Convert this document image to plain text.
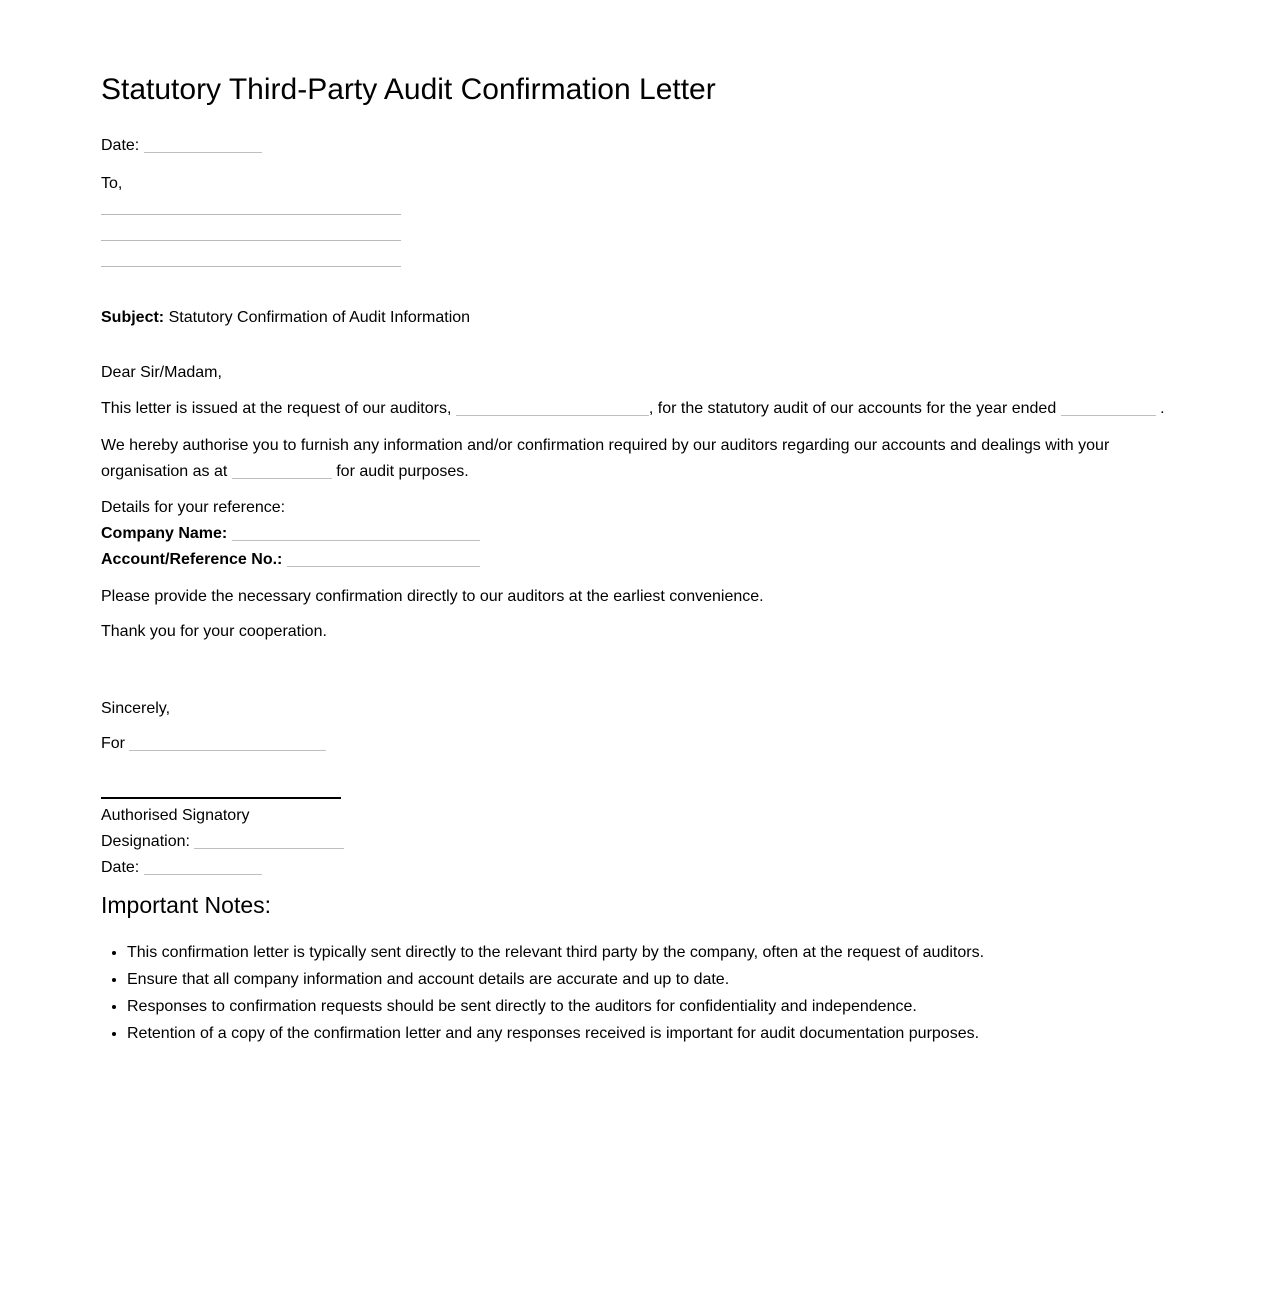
Statutory Third-Party Audit Confirmation Letter

Date:

To,

Subject: Statutory Confirmation of Audit Information

Dear Sir/Madam,

This letter is issued at the request of our auditors,	, for the statutory audit of our accounts for the year ended	.

We hereby authorise you to furnish any information and/or confirmation required by our auditors regarding our accounts and dealings with your organisation as at	for audit purposes.

Details for your reference:
Company Name:
Account/Reference No.:

Please provide the necessary confirmation directly to our auditors at the earliest convenience.

Thank you for your cooperation.

Sincerely,

For

Authorised Signatory
Designation:
Date:
Important Notes:
• This confirmation letter is typically sent directly to the relevant third party by the company, often at the request of auditors.
• Ensure that all company information and account details are accurate and up to date.
• Responses to confirmation requests should be sent directly to the auditors for confidentiality and independence.
• Retention of a copy of the confirmation letter and any responses received is important for audit documentation purposes.
